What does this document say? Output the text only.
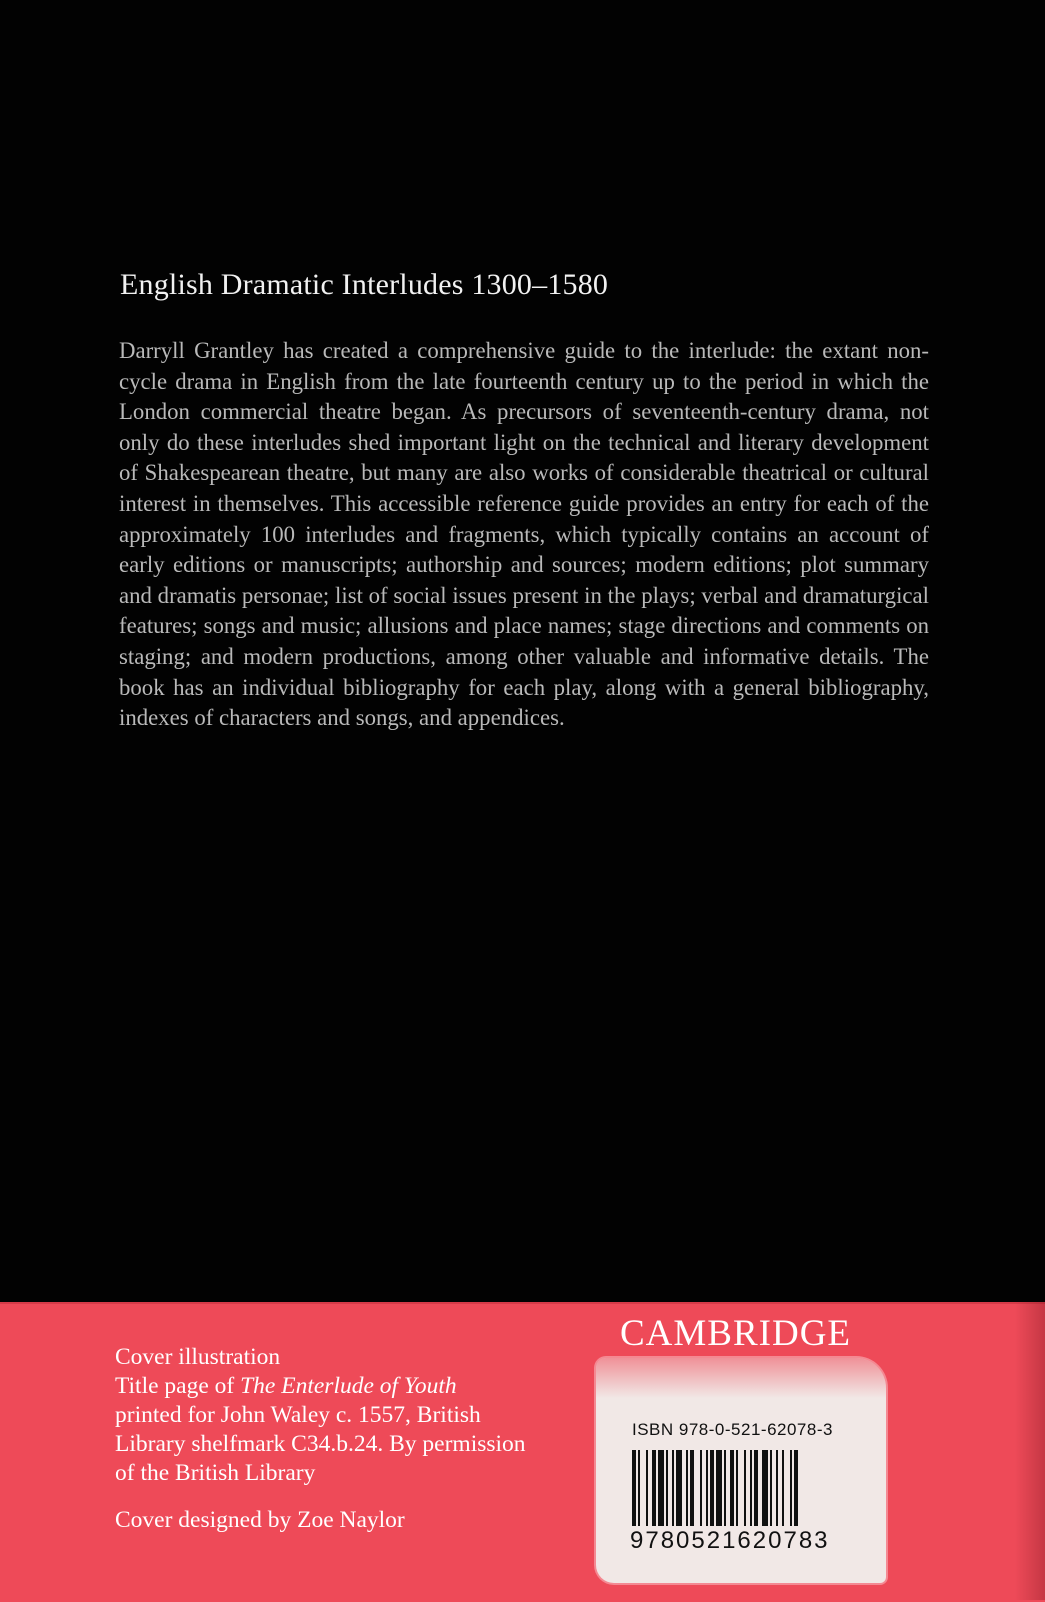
English Dramatic Interludes 1300–1580

Darryll Grantley has created a comprehensive guide to the interlude: the extant non-cycle drama in English from the late fourteenth century up to the period in which the London commercial theatre began. As precursors of seventeenth-century drama, not only do these interludes shed important light on the technical and literary development of Shakespearean theatre, but many are also works of considerable theatrical or cultural interest in themselves. This accessible reference guide provides an entry for each of the approximately 100 interludes and fragments, which typically contains an account of early editions or manuscripts; authorship and sources; modern editions; plot summary and dramatis personae; list of social issues present in the plays; verbal and dramaturgical features; songs and music; allusions and place names; stage directions and comments on staging; and modern productions, among other valuable and informative details. The book has an individual bibliography for each play, along with a general bibliography, indexes of characters and songs, and appendices.

Cover illustration
Title page of The Enterlude of Youth
printed for John Waley c. 1557, British
Library shelfmark C34.b.24. By permission
of the British Library
Cover designed by Zoe Naylor
CAMBRIDGE
ISBN 978-0-521-62078-3
9780521620783
